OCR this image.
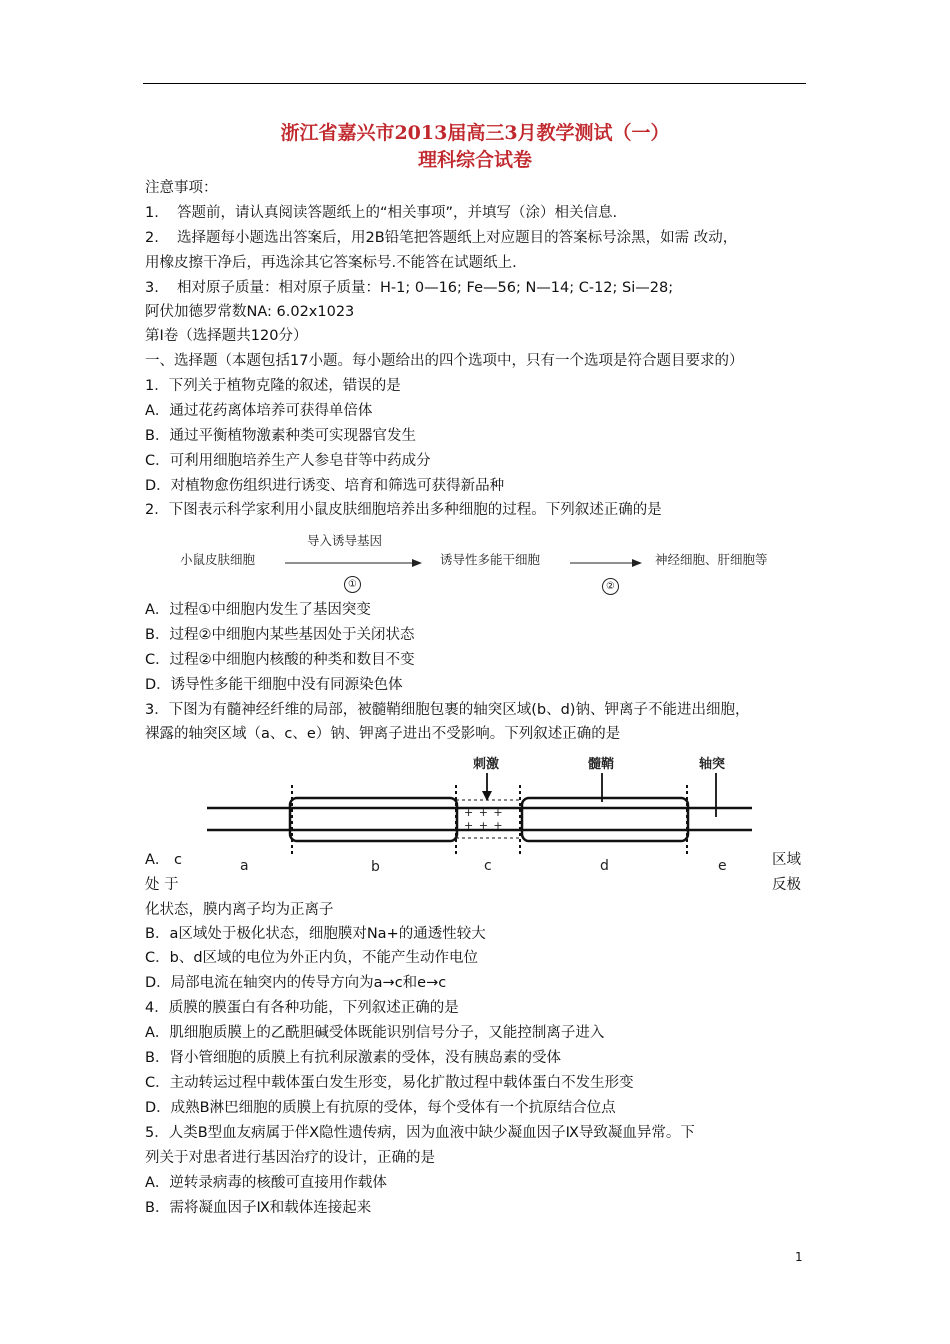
浙江省嘉兴市2013届高三3月教学测试（一）
理科综合试卷
注意事项：
1. 答题前，请认真阅读答题纸上的“相关事项”，并填写（涂）相关信息.
2. 选择题每小题选出答案后，用2B铅笔把答题纸上对应题目的答案标号涂黑，如需 改动，
用橡皮擦干净后，再选涂其它答案标号.不能答在试题纸上.
3. 相对原子质量：相对原子质量：H-1; 0—16; Fe—56; N—14; C-12; Si—28;
阿伏加德罗常数NA: 6.02x1023
第I卷（选择题共120分）
一、选择题（本题包括17小题。每小题给出的四个选项中，只有一个选项是符合题目要求的）
1．下列关于植物克隆的叙述，错误的是
A．通过花药离体培养可获得单倍体
B．通过平衡植物激素种类可实现器官发生
C．可利用细胞培养生产人参皂苷等中药成分
D．对植物愈伤组织进行诱变、培育和筛选可获得新品种
2．下图表示科学家利用小鼠皮肤细胞培养出多种细胞的过程。下列叙述正确的是
小鼠皮肤细胞
导入诱导基因
诱导性多能干细胞	神经细胞、肝细胞等
①	②
A．过程①中细胞内发生了基因突变
B．过程②中细胞内某些基因处于关闭状态
C．过程②中细胞内核酸的种类和数目不变
D．诱导性多能干细胞中没有同源染色体
3．下图为有髓神经纤维的局部，被髓鞘细胞包裹的轴突区域(b、d)钠、钾离子不能进出细胞，
裸露的轴突区域（a、c、e）钠、钾离子进出不受影响。下列叙述正确的是
刺激	髓鞘	轴突
+ + +
+ + +
a	b	c	d	e
A． c	区域
处 于	反极
化状态，膜内离子均为正离子
B．a区域处于极化状态，细胞膜对Na+的通透性较大
C．b、d区域的电位为外正内负，不能产生动作电位
D．局部电流在轴突内的传导方向为a→c和e→c
4．质膜的膜蛋白有各种功能，下列叙述正确的是
A．肌细胞质膜上的乙酰胆碱受体既能识别信号分子，又能控制离子进入
B．肾小管细胞的质膜上有抗利尿激素的受体，没有胰岛素的受体
C．主动转运过程中载体蛋白发生形变，易化扩散过程中载体蛋白不发生形变
D．成熟B淋巴细胞的质膜上有抗原的受体，每个受体有一个抗原结合位点
5．人类B型血友病属于伴X隐性遗传病，因为血液中缺少凝血因子Ⅸ导致凝血异常。下
列关于对患者进行基因治疗的设计，正确的是
A．逆转录病毒的核酸可直接用作载体
B．需将凝血因子Ⅸ和载体连接起来
1
